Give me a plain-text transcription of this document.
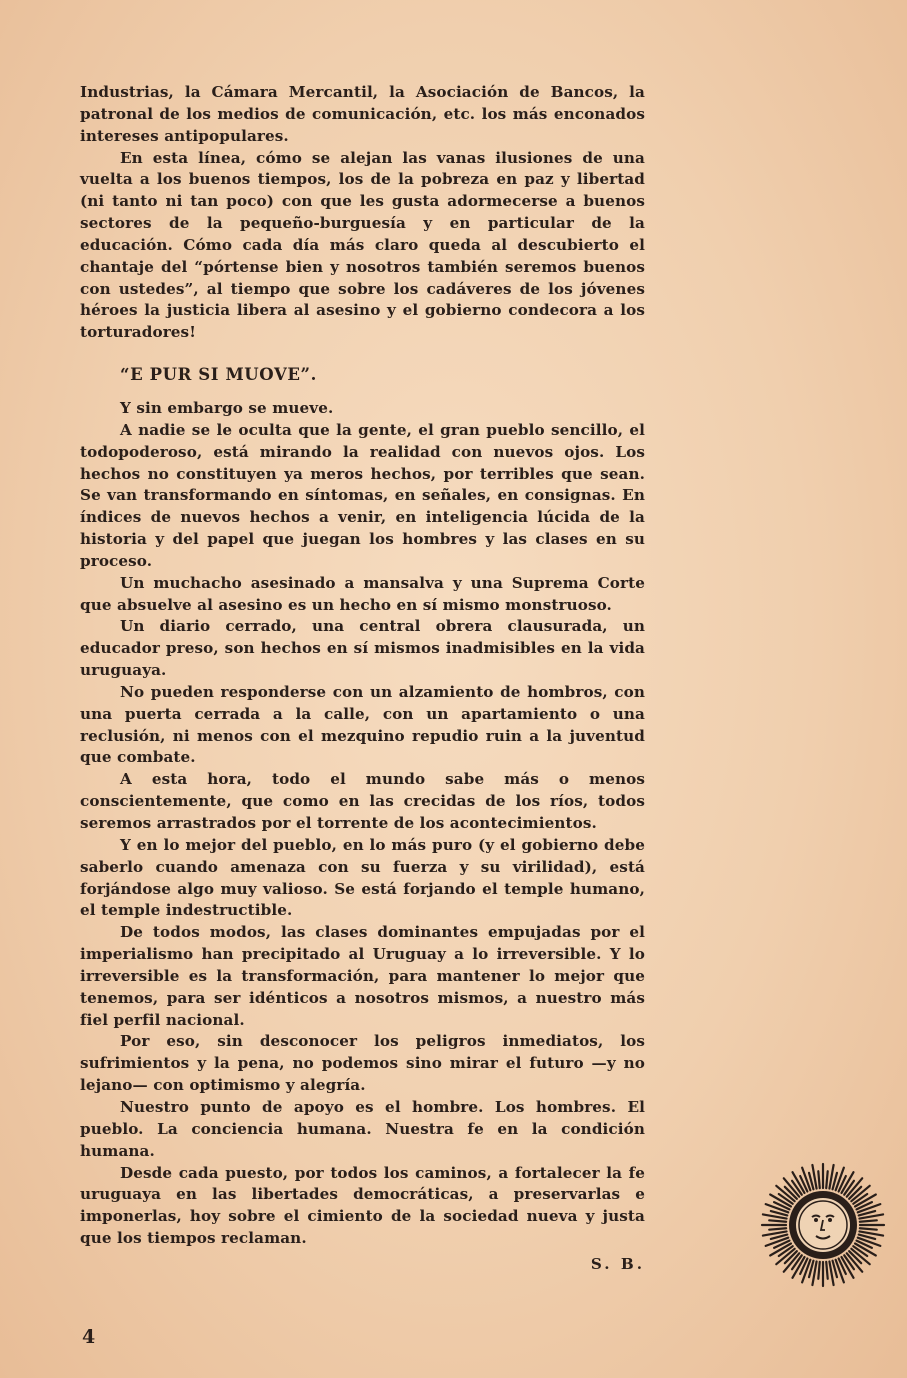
Industrias, la Cámara Mercantil, la Asociación de Bancos, la patronal de los medios de comunicación, etc. los más enconados intereses antipopulares.

En esta línea, cómo se alejan las vanas ilusiones de una vuelta a los buenos tiempos, los de la pobreza en paz y libertad (ni tanto ni tan poco) con que les gusta adormecerse a buenos sectores de la pequeño-burguesía y en particular de la educación. Cómo cada día más claro queda al descubierto el chantaje del “pórtense bien y nosotros también seremos buenos con ustedes”, al tiempo que sobre los cadáveres de los jóvenes héroes la justicia libera al asesino y el gobierno condecora a los torturadores!

“E PUR SI MUOVE”.

Y sin embargo se mueve.

A nadie se le oculta que la gente, el gran pueblo sencillo, el todopoderoso, está mirando la realidad con nuevos ojos. Los hechos no constituyen ya meros hechos, por terribles que sean. Se van transformando en síntomas, en señales, en consignas. En índices de nuevos hechos a venir, en inteligencia lúcida de la historia y del papel que juegan los hombres y las clases en su proceso.

Un muchacho asesinado a mansalva y una Suprema Corte que absuelve al asesino es un hecho en sí mismo monstruoso.

Un diario cerrado, una central obrera clausurada, un educador preso, son hechos en sí mismos inadmisibles en la vida uruguaya.

No pueden responderse con un alzamiento de hombros, con una puerta cerrada a la calle, con un apartamiento o una reclusión, ni menos con el mezquino repudio ruin a la juventud que combate.

A esta hora, todo el mundo sabe más o menos conscientemente, que como en las crecidas de los ríos, todos seremos arrastrados por el torrente de los acontecimientos.

Y en lo mejor del pueblo, en lo más puro (y el gobierno debe saberlo cuando amenaza con su fuerza y su virilidad), está forjándose algo muy valioso. Se está forjando el temple humano, el temple indestructible.

De todos modos, las clases dominantes empujadas por el imperialismo han precipitado al Uruguay a lo irreversible. Y lo irreversible es la transformación, para mantener lo mejor que tenemos, para ser idénticos a nosotros mismos, a nuestro más fiel perfil nacional.

Por eso, sin desconocer los peligros inmediatos, los sufrimientos y la pena, no podemos sino mirar el futuro —y no lejano— con optimismo y alegría.

Nuestro punto de apoyo es el hombre. Los hombres. El pueblo. La conciencia humana. Nuestra fe en la condición humana.

Desde cada puesto, por todos los caminos, a fortalecer la fe uruguaya en las libertades democráticas, a preservarlas e imponerlas, hoy sobre el cimiento de la sociedad nueva y justa que los tiempos reclaman.

S. B.

4
